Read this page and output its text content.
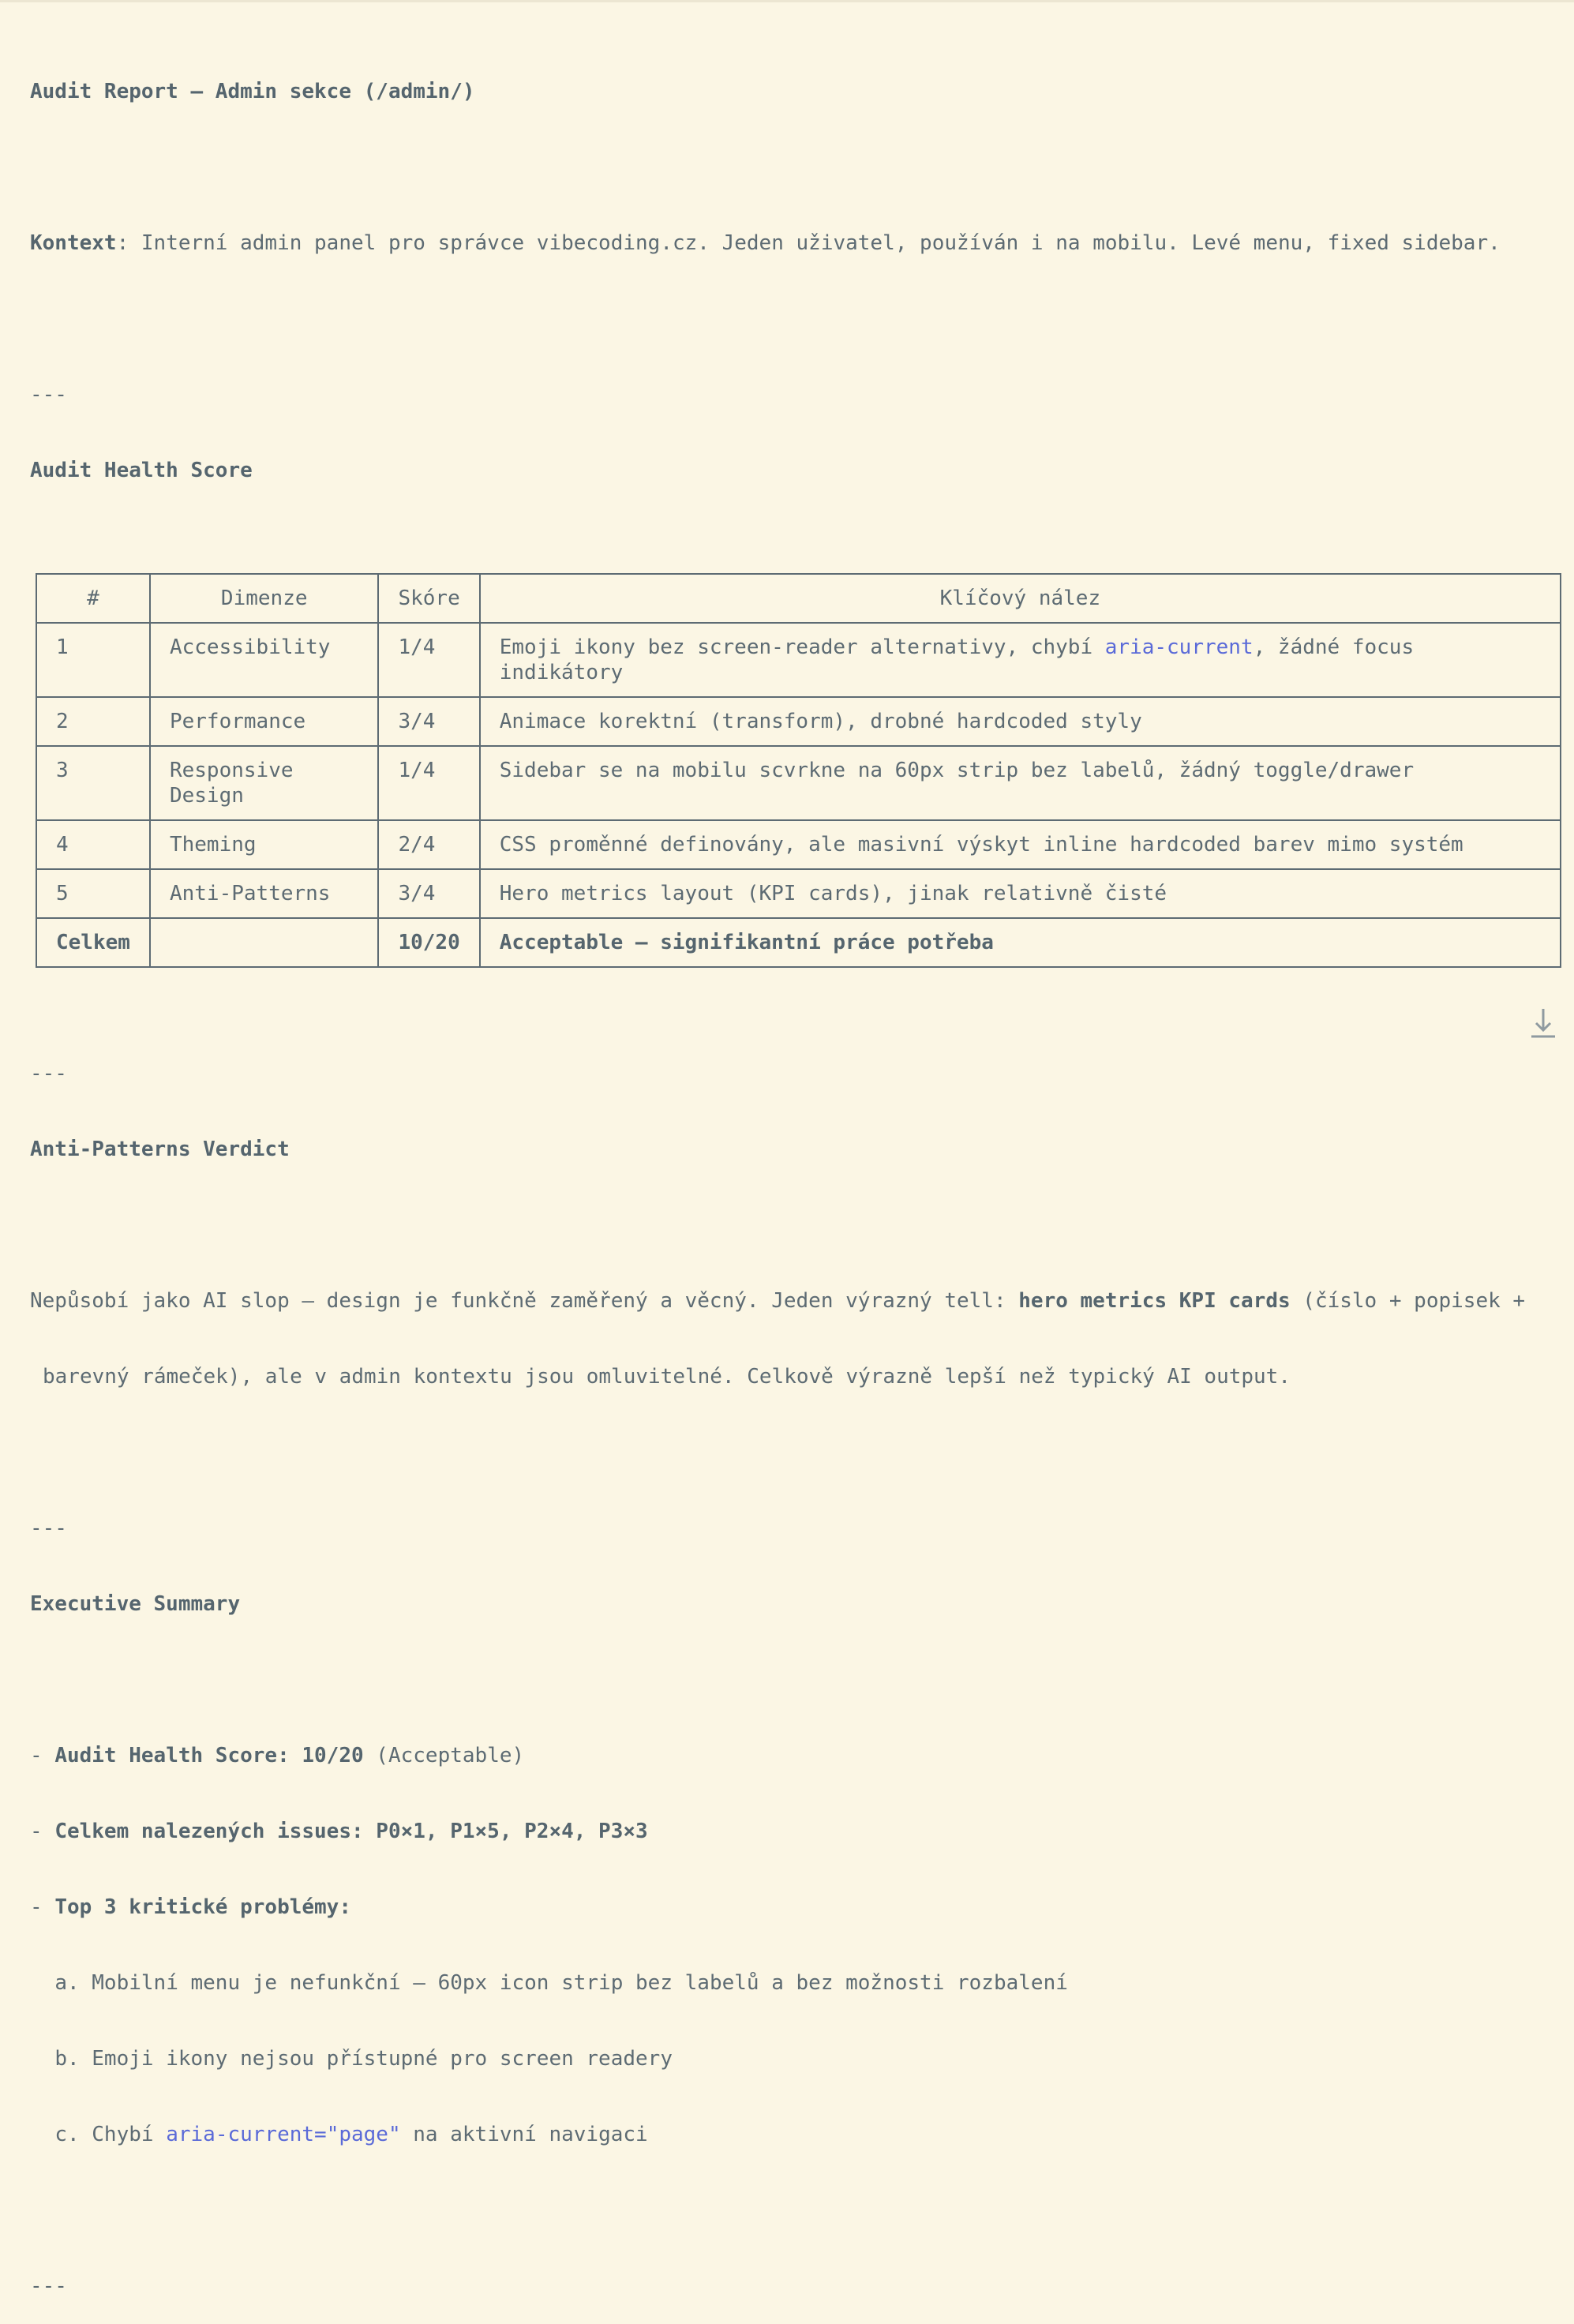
Audit Report — Admin sekce (/admin/)

Kontext: Interní admin panel pro správce vibecoding.cz. Jeden uživatel, používán i na mobilu. Levé menu, fixed sidebar.

---

Audit Health Score

#	Dimenze	Skóre	Klíčový nález
1	Accessibility	1/4	Emoji ikony bez screen-reader alternativy, chybí aria-current, žádné focus indikátory
2	Performance	3/4	Animace korektní (transform), drobné hardcoded styly
3	Responsive Design	1/4	Sidebar se na mobilu scvrkne na 60px strip bez labelů, žádný toggle/drawer
4	Theming	2/4	CSS proměnné definovány, ale masivní výskyt inline hardcoded barev mimo systém
5	Anti-Patterns	3/4	Hero metrics layout (KPI cards), jinak relativně čisté
Celkem		10/20	Acceptable — signifikantní práce potřeba

---

Anti-Patterns Verdict

Nepůsobí jako AI slop — design je funkčně zaměřený a věcný. Jeden výrazný tell: hero metrics KPI cards (číslo + popisek +

barevný rámeček), ale v admin kontextu jsou omluvitelné. Celkově výrazně lepší než typický AI output.

---

Executive Summary

- Audit Health Score: 10/20 (Acceptable)

- Celkem nalezených issues: P0×1, P1×5, P2×4, P3×3

- Top 3 kritické problémy:

a. Mobilní menu je nefunkční — 60px icon strip bez labelů a bez možnosti rozbalení

b. Emoji ikony nejsou přístupné pro screen readery

c. Chybí aria-current="page" na aktivní navigaci

---
